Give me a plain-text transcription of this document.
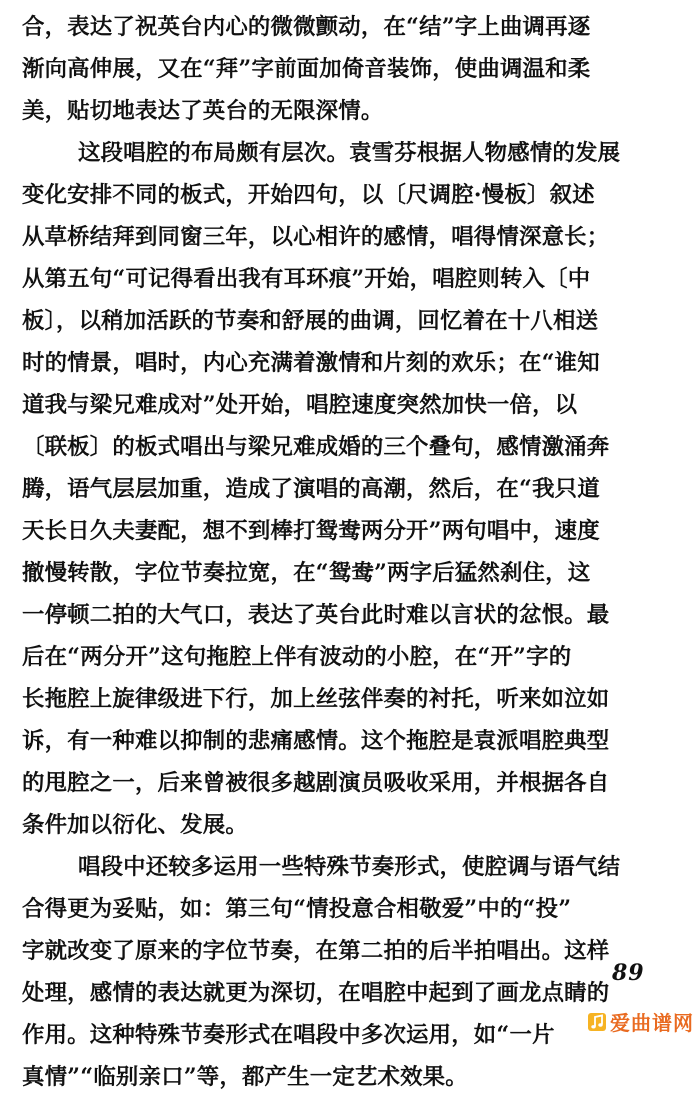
合，表达了祝英台内心的微微颤动，在“结”字上曲调再逐
渐向高伸展，又在“拜”字前面加倚音装饰，使曲调温和柔
美，贴切地表达了英台的无限深情。
这段唱腔的布局颇有层次。袁雪芬根据人物感情的发展
变化安排不同的板式，开始四句，以〔尺调腔·慢板〕叙述
从草桥结拜到同窗三年，以心相许的感情，唱得情深意长；
从第五句“可记得看出我有耳环痕”开始，唱腔则转入〔中
板〕，以稍加活跃的节奏和舒展的曲调，回忆着在十八相送
时的情景，唱时，内心充满着激情和片刻的欢乐；在“谁知
道我与梁兄难成对”处开始，唱腔速度突然加快一倍，以
〔联板〕的板式唱出与梁兄难成婚的三个叠句，感情激涌奔
腾，语气层层加重，造成了演唱的高潮，然后，在“我只道
天长日久夫妻配，想不到棒打鸳鸯两分开”两句唱中，速度
撤慢转散，字位节奏拉宽，在“鸳鸯”两字后猛然刹住，这
一停顿二拍的大气口，表达了英台此时难以言状的忿恨。最
后在“两分开”这句拖腔上伴有波动的小腔，在“开”字的
长拖腔上旋律级进下行，加上丝弦伴奏的衬托，听来如泣如
诉，有一种难以抑制的悲痛感情。这个拖腔是袁派唱腔典型
的甩腔之一，后来曾被很多越剧演员吸收采用，并根据各自
条件加以衍化、发展。
唱段中还较多运用一些特殊节奏形式，使腔调与语气结
合得更为妥贴，如：第三句“情投意合相敬爱”中的“投”
字就改变了原来的字位节奏，在第二拍的后半拍唱出。这样
处理，感情的表达就更为深切，在唱腔中起到了画龙点睛的
作用。这种特殊节奏形式在唱段中多次运用，如“一片
真情”“临别亲口”等，都产生一定艺术效果。
89
爱曲谱网
